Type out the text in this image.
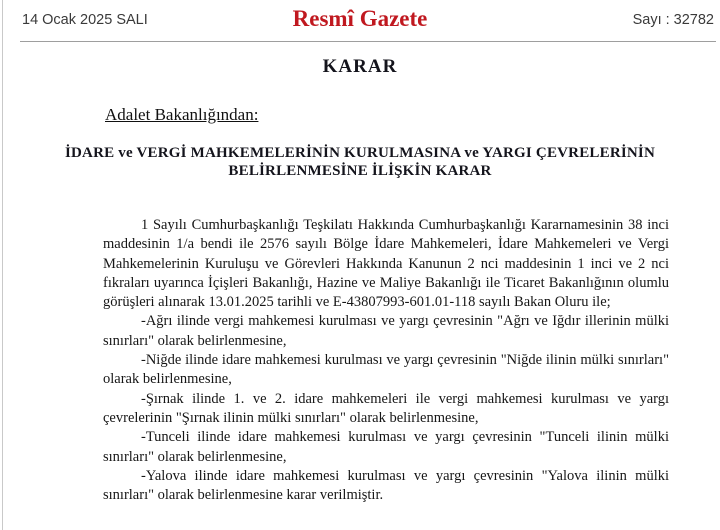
14 Ocak 2025 SALI	Resmî Gazete	Sayı : 32782
KARAR
Adalet Bakanlığından:
İDARE ve VERGİ MAHKEMELERİNİN KURULMASINA ve YARGI ÇEVRELERİNİN
BELİRLENMESİNE İLİŞKİN KARAR

1 Sayılı Cumhurbaşkanlığı Teşkilatı Hakkında Cumhurbaşkanlığı Kararnamesinin 38 inci maddesinin 1/a bendi ile 2576 sayılı Bölge İdare Mahkemeleri, İdare Mahkemeleri ve Vergi Mahkemelerinin Kuruluşu ve Görevleri Hakkında Kanunun 2 nci maddesinin 1 inci ve 2 nci fıkraları uyarınca İçişleri Bakanlığı, Hazine ve Maliye Bakanlığı ile Ticaret Bakanlığının olumlu görüşleri alınarak 13.01.2025 tarihli ve E-43807993-601.01-118 sayılı Bakan Oluru ile;

-Ağrı ilinde vergi mahkemesi kurulması ve yargı çevresinin "Ağrı ve Iğdır illerinin mülki sınırları" olarak belirlenmesine,

-Niğde ilinde idare mahkemesi kurulması ve yargı çevresinin "Niğde ilinin mülki sınırları" olarak belirlenmesine,

-Şırnak ilinde 1. ve 2. idare mahkemeleri ile vergi mahkemesi kurulması ve yargı çevrelerinin "Şırnak ilinin mülki sınırları" olarak belirlenmesine,

-Tunceli ilinde idare mahkemesi kurulması ve yargı çevresinin "Tunceli ilinin mülki sınırları" olarak belirlenmesine,

-Yalova ilinde idare mahkemesi kurulması ve yargı çevresinin "Yalova ilinin mülki sınırları" olarak belirlenmesine karar verilmiştir.
